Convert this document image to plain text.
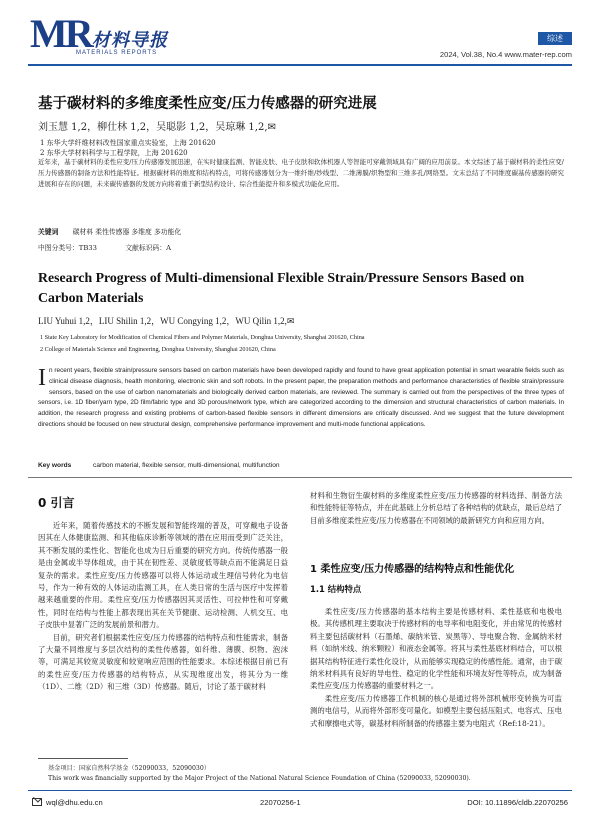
MR 材料导报
MATERIALS REPORTS
综述
2024, Vol.38, No.4 www.mater-rep.com
基于碳材料的多维度柔性应变/压力传感器的研究进展
刘玉慧 1,2，柳仕林 1,2，吴聪影 1,2，吴琼琳 1,2,✉
1 东华大学纤维材料改性国家重点实验室，上海 201620
2 东华大学材料科学与工程学院，上海 201620
近年来，基于碳材料的柔性应变/压力传感器发展迅速，在实时健康监测、智能皮肤、电子皮肤和软体机器人等智能可穿戴领域具有广阔的应用前景。本文综述了基于碳材料的柔性应变/压力传感器的制备方法和性能特征。根据碳材料的维度和结构特点，可将传感器划分为一维纤维/纱线型、二维薄膜/织物型和三维多孔/网络型。文末总结了不同维度碳基传感器的研究进展和存在的问题，未来碳传感器的发展方向将着重于新型结构设计、综合性能提升和多模式功能化应用。
关键词 碳材料 柔性传感器 多维度 多功能化
中图分类号：TB33	文献标识码：A
Research Progress of Multi-dimensional Flexible Strain/Pressure Sensors Based on Carbon Materials
LIU Yuhui 1,2，LIU Shilin 1,2，WU Congying 1,2，WU Qilin 1,2,✉
1 State Key Laboratory for Modification of Chemical Fibers and Polymer Materials, Donghua University, Shanghai 201620, China
2 College of Materials Science and Engineering, Donghua University, Shanghai 201620, China
In recent years, flexible strain/pressure sensors based on carbon materials have been developed rapidly and found to have great application potential in smart wearable fields such as clinical disease diagnosis, health monitoring, electronic skin and soft robots. In the present paper, the preparation methods and performance characteristics of flexible strain/pressure sensors, based on the use of carbon nanomaterials and biologically derived carbon materials, are reviewed. The summary is carried out from the perspectives of the three types of sensors, i.e. 1D fiber/yarn type, 2D film/fabric type and 3D porous/network type, which are categorized according to the dimension and structural characteristics of carbon materials. In addition, the research progress and existing problems of carbon-based flexible sensors in different dimensions are critically discussed. And we suggest that the future development directions should be focused on new structural design, comprehensive performance improvement and multi-mode functional applications.
Key words	carbon material, flexible sensor, multi-dimensional, multifunction
0 引言
近年来，随着传感技术的不断发展和智能终端的普及，可穿戴电子设备因其在人体健康监测、和其他临床诊断等领域的潜在应用而受到广泛关注，其不断发展的柔性化、智能化也成为日后重要的研究方向。传统传感器一般是由金属或半导体组成，由于其在韧性差、灵敏度低等缺点而不能满足日益复杂的需求。柔性应变/压力传感器可以将人体运动或生理信号转化为电信号，作为一种有效的人体运动监测工具，在人类日常的生活与医疗中发挥着越来越重要的作用。柔性应变/压力传感器因其灵活性、可拉伸性和可穿戴性，同时在结构与性能上都表现出其在关节健康、运动检测、人机交互、电子皮肤中显著广泛的发展前景和潜力。
目前，研究者们根据柔性应变/压力传感器的结构特点和性能需求，制备了大量不同维度与多层次结构的柔性传感器，如纤维、薄膜、织物、泡沫等，可满足其较宽灵敏度和较宽响应范围的性能要求。本综述根据目前已有的柔性应变/压力传感器的结构特点，从实现维度出发，将其分为一维（1D）、二维（2D）和三维（3D）传感器。随后，讨论了基于碳材料
材料和生物衍生碳材料的多维度柔性应变/压力传感器的材料选择、制备方法和性能特征等特点，并在此基础上分析总结了各种结构的优缺点，最后总结了目前多维度柔性应变/压力传感器在不同领域的最新研究方向和应用方向。
1 柔性应变/压力传感器的结构特点和性能优化
1.1 结构特点
柔性应变/压力传感器的基本结构主要是传感材料、柔性基底和电极电极。其传感机理主要取决于传感材料的电导率和电阻变化，并由常见的传感材料主要包括碳材料（石墨烯、碳纳米管、炭黑等）、导电聚合物、金属纳米材料（如纳米线、纳米颗粒）和液态金属等。将其与柔性基底材料结合，可以根据其结构特征进行柔性化设计，从而能够实现稳定的传感性能。通常，由于碳纳米材料具有良好的导电性、稳定的化学性能和环境友好性等特点，成为制备柔性应变/压力传感器的重要材料之一。
柔性应变/压力传感器工作机制的核心是通过将外部机械形变转换为可监测的电信号，从而将外部形变可量化。如模型主要包括压阻式、电容式、压电式和摩擦电式等，碳基材料所制备的传感器主要为电阻式（Ref:18-21）。
基金项目：国家自然科学基金（52090033，52090030）
This work was financially supported by the Major Project of the National Natural Science Foundation of China (52090033, 52090030).
wql@dhu.edu.cn	22070256-1	DOI: 10.11896/cldb.22070256
